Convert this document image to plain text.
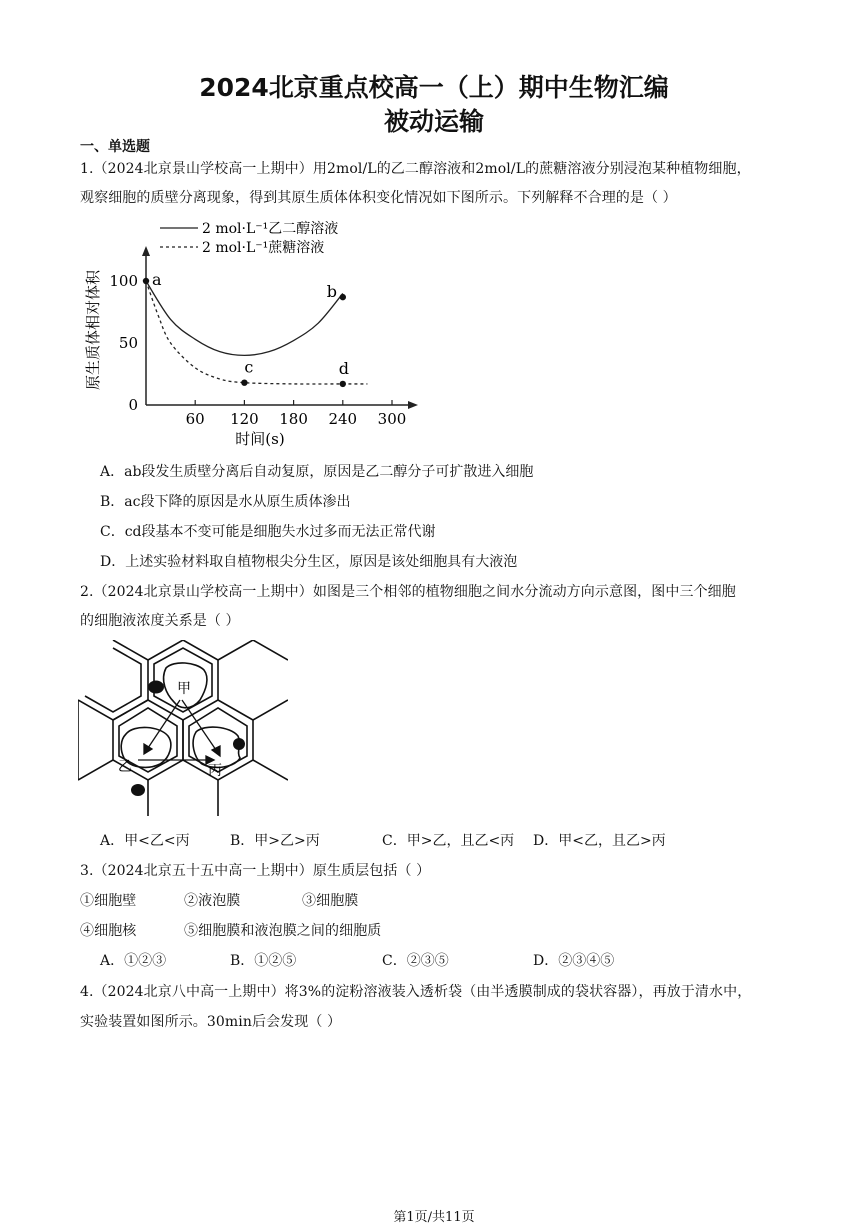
2024北京重点校高一（上）期中生物汇编
被动运输
一、单选题
1.（2024北京景山学校高一上期中）用2mol/L的乙二醇溶液和2mol/L的蔗糖溶液分别浸泡某种植物细胞，
观察细胞的质壁分离现象，得到其原生质体体积变化情况如下图所示。下列解释不合理的是（ ）
2 mol·L⁻¹乙二醇溶液
2 mol·L⁻¹蔗糖溶液
原生质体相对体积
时间(s)
60 120 180 240 300
0
50
100 a
b
c	d
A．ab段发生质壁分离后自动复原，原因是乙二醇分子可扩散进入细胞
B．ac段下降的原因是水从原生质体渗出
C．cd段基本不变可能是细胞失水过多而无法正常代谢
D．上述实验材料取自植物根尖分生区，原因是该处细胞具有大液泡
2.（2024北京景山学校高一上期中）如图是三个相邻的植物细胞之间水分流动方向示意图，图中三个细胞
的细胞液浓度关系是（ ）
甲
乙	丙
A．甲<乙<丙	B．甲>乙>丙	C．甲>乙，且乙<丙 D．甲<乙，且乙>丙
3.（2024北京五十五中高一上期中）原生质层包括（ ）
①细胞壁	②液泡膜	③细胞膜
④细胞核	⑤细胞膜和液泡膜之间的细胞质
A．①②③	B．①②⑤	C．②③⑤	D．②③④⑤
4.（2024北京八中高一上期中）将3%的淀粉溶液装入透析袋（由半透膜制成的袋状容器），再放于清水中，
实验装置如图所示。30min后会发现（ ）
第1页/共11页
